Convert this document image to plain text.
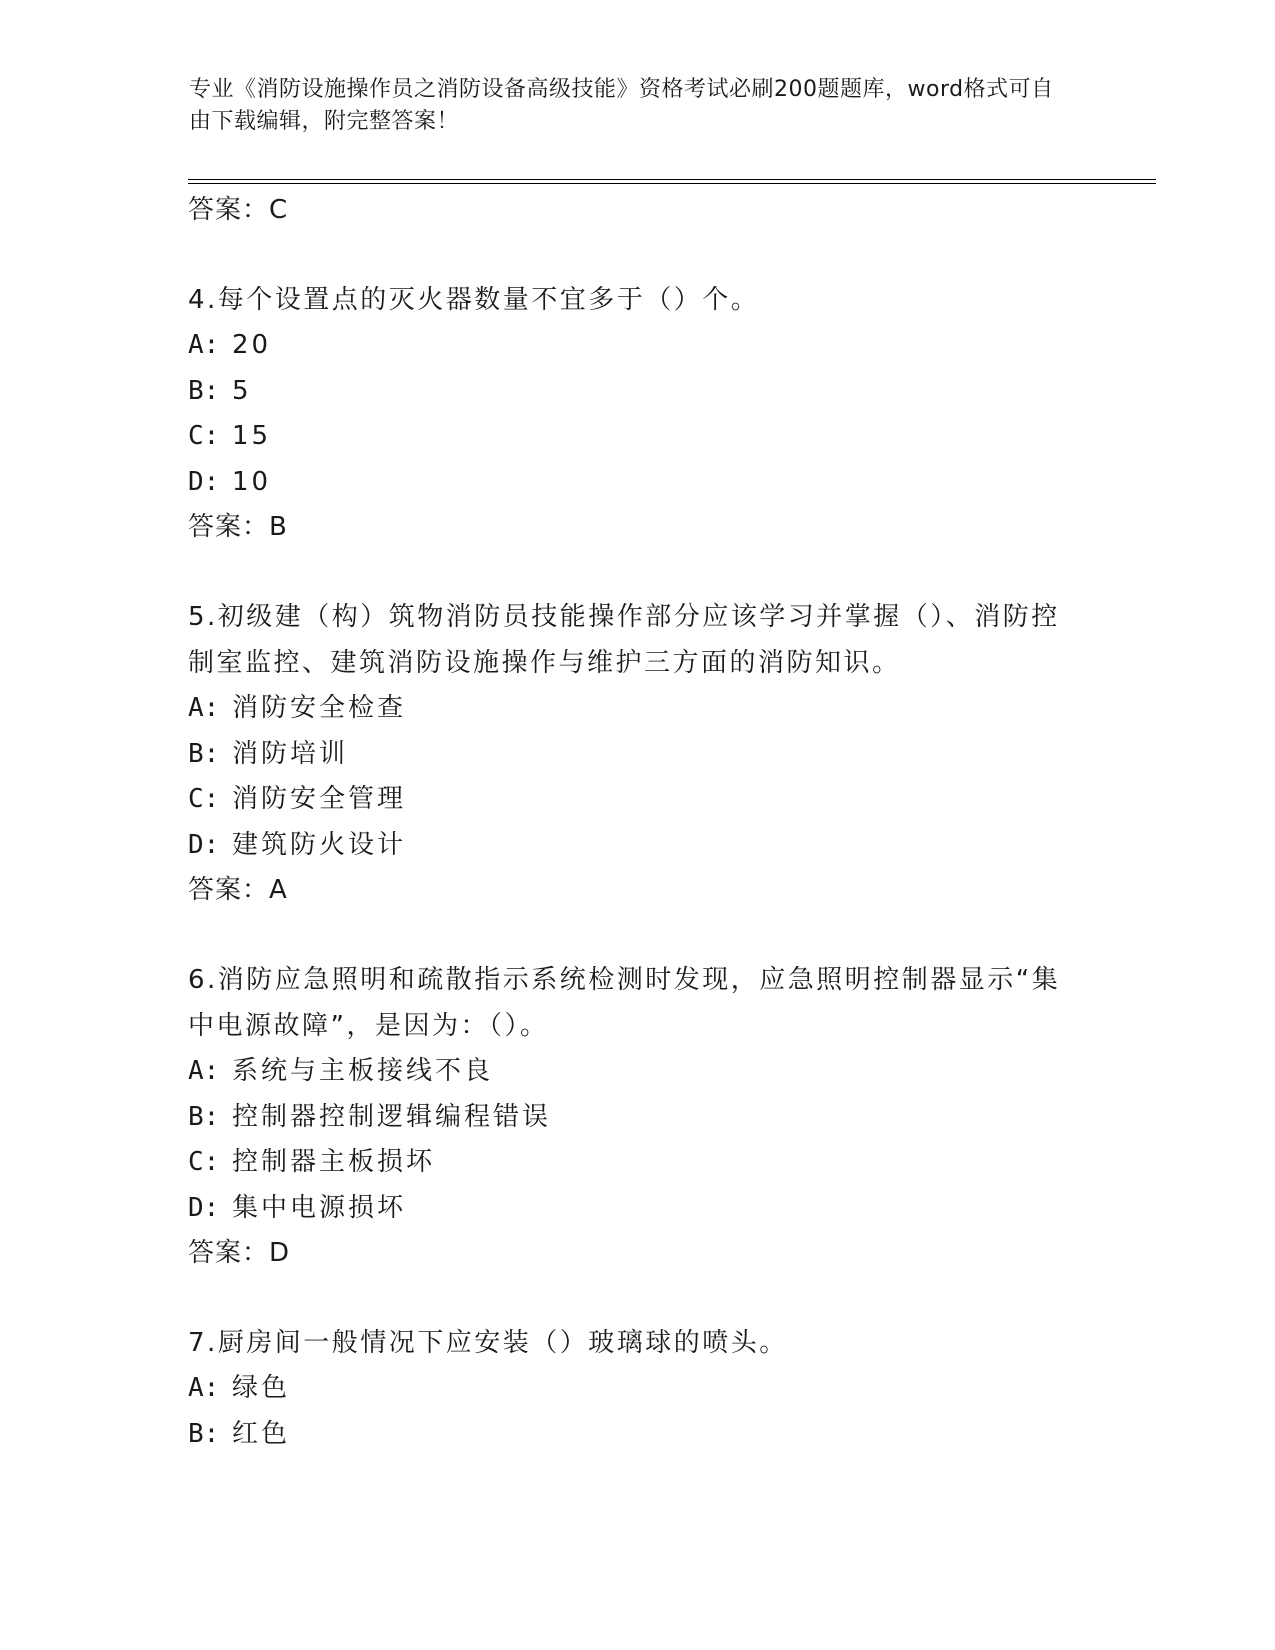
专业《消防设施操作员之消防设备高级技能》资格考试必刷200题题库，word格式可自由下载编辑，附完整答案！
答案：C
4.每个设置点的灭火器数量不宜多于（）个。
A: 20
B: 5
C: 15
D: 10
答案：B
5.初级建（构）筑物消防员技能操作部分应该学习并掌握（）、消防控制室监控、建筑消防设施操作与维护三方面的消防知识。
A: 消防安全检查
B: 消防培训
C: 消防安全管理
D: 建筑防火设计
答案：A
6.消防应急照明和疏散指示系统检测时发现，应急照明控制器显示“集中电源故障”，是因为：（）。
A: 系统与主板接线不良
B: 控制器控制逻辑编程错误
C: 控制器主板损坏
D: 集中电源损坏
答案：D
7.厨房间一般情况下应安装（）玻璃球的喷头。
A: 绿色
B: 红色
